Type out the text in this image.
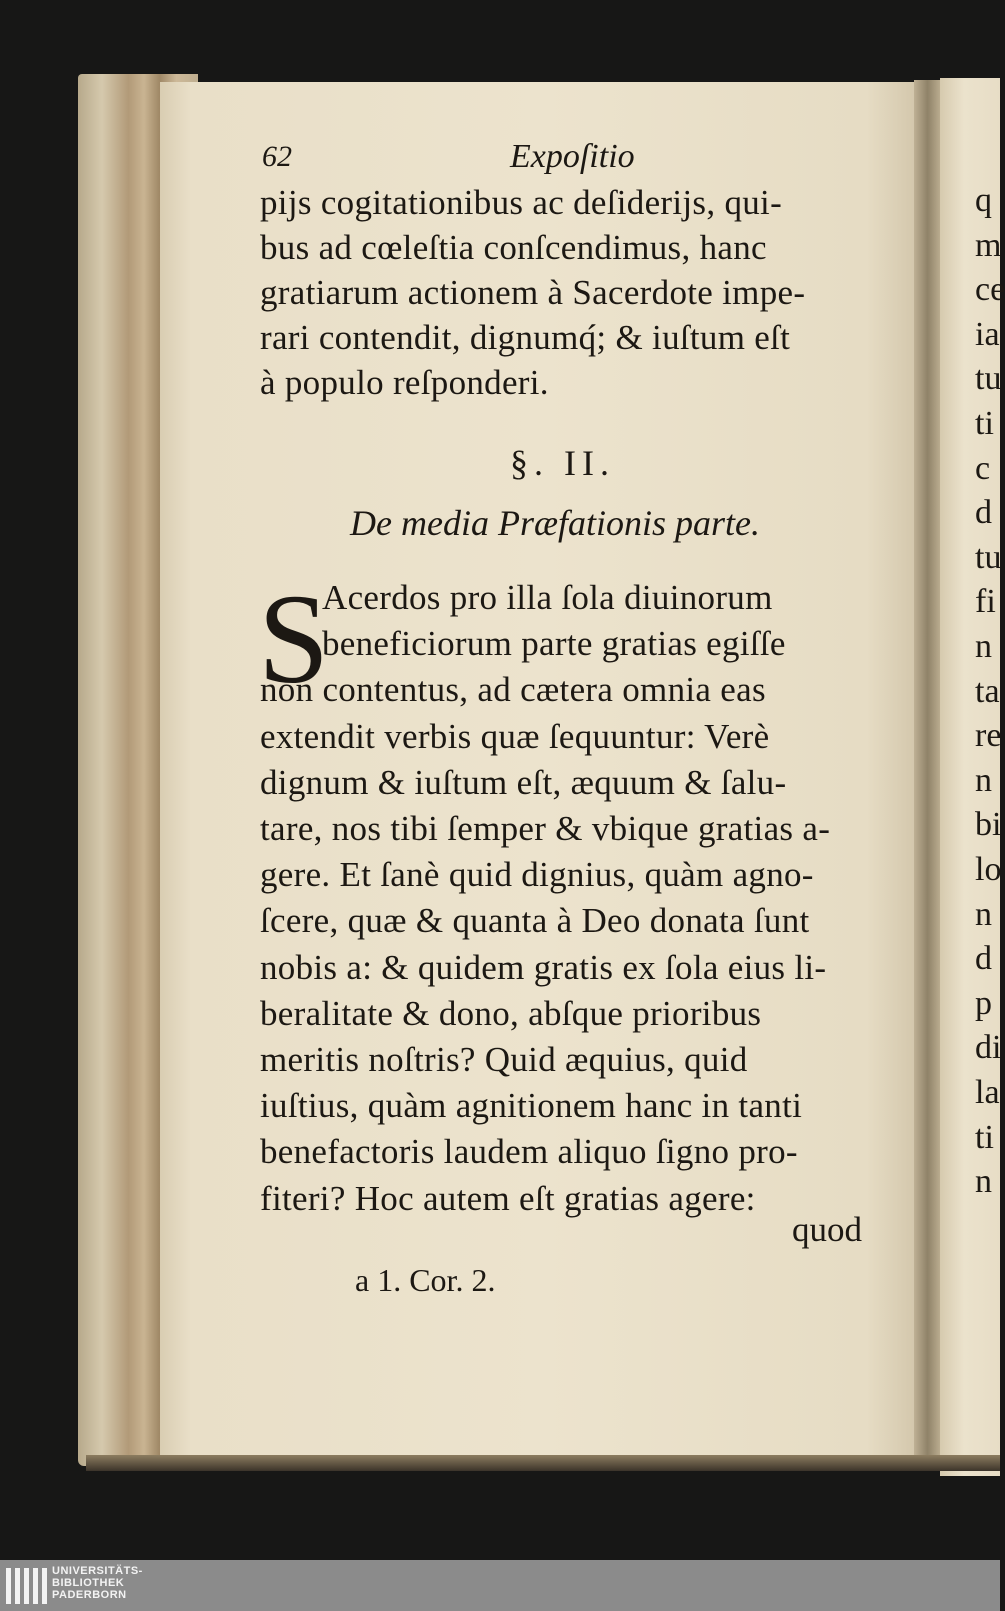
62	Expoſitio
pijs cogitationibus ac deſiderijs, qui-
bus ad cœleſtia conſcendimus, hanc
gratiarum actionem à Sacerdote impe-
rari contendit, dignumq́; & iuſtum eſt
à populo reſponderi.
§. II.
De media Præfationis parte.
S
Acerdos pro illa ſola diuinorum
beneficiorum parte gratias egiſſe
non contentus, ad cætera omnia eas
extendit verbis quæ ſequuntur: Verè
dignum & iuſtum eſt, æquum & ſalu-
tare, nos tibi ſemper & vbique gratias a-
gere. Et ſanè quid dignius, quàm agno-
ſcere, quæ & quanta à Deo donata ſunt
nobis a: & quidem gratis ex ſola eius li-
beralitate & dono, abſque prioribus
meritis noſtris? Quid æquius, quid
iuſtius, quàm agnitionem hanc in tanti
benefactoris laudem aliquo ſigno pro-
fiteri? Hoc autem eſt gratias agere:
quod
a 1. Cor. 2.
q
m
ce
ia
tu
ti
c
d
tu
fi
n
ta
re
n
bi
lo
n
d
p
di
la
ti
n
UNIVERSITÄTS-
BIBLIOTHEK
PADERBORN
